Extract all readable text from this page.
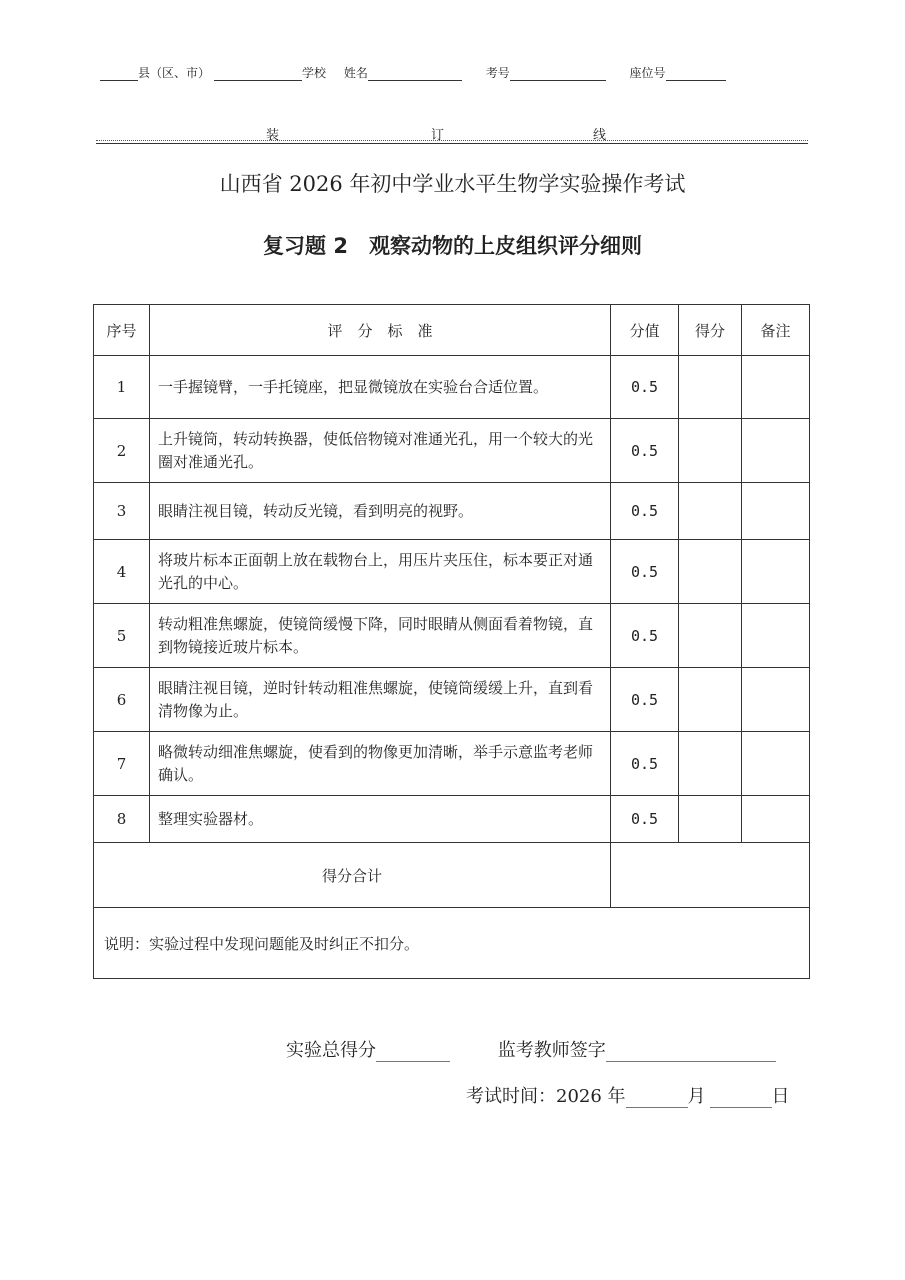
县（区、市）	学校 姓名	考号	座位号
装	订	线
山西省 2026 年初中学业水平生物学实验操作考试
复习题 2　观察动物的上皮组织评分细则
序号	评　分　标　准	分值	得分	备注
1	一手握镜臂，一手托镜座，把显微镜放在实验台合适位置。	0.5		
2	上升镜筒，转动转换器，使低倍物镜对准通光孔，用一个较大的光圈对准通光孔。	0.5		
3	眼睛注视目镜，转动反光镜，看到明亮的视野。	0.5		
4	将玻片标本正面朝上放在载物台上，用压片夹压住，标本要正对通光孔的中心。	0.5		
5	转动粗准焦螺旋，使镜筒缓慢下降，同时眼睛从侧面看着物镜，直到物镜接近玻片标本。	0.5		
6	眼睛注视目镜，逆时针转动粗准焦螺旋，使镜筒缓缓上升，直到看清物像为止。	0.5		
7	略微转动细准焦螺旋，使看到的物像更加清晰，举手示意监考老师确认。	0.5		
8	整理实验器材。	0.5		
得分合计				
说明：实验过程中发现问题能及时纠正不扣分。				
实验总得分	监考教师签字
考试时间：2026 年	月	日
